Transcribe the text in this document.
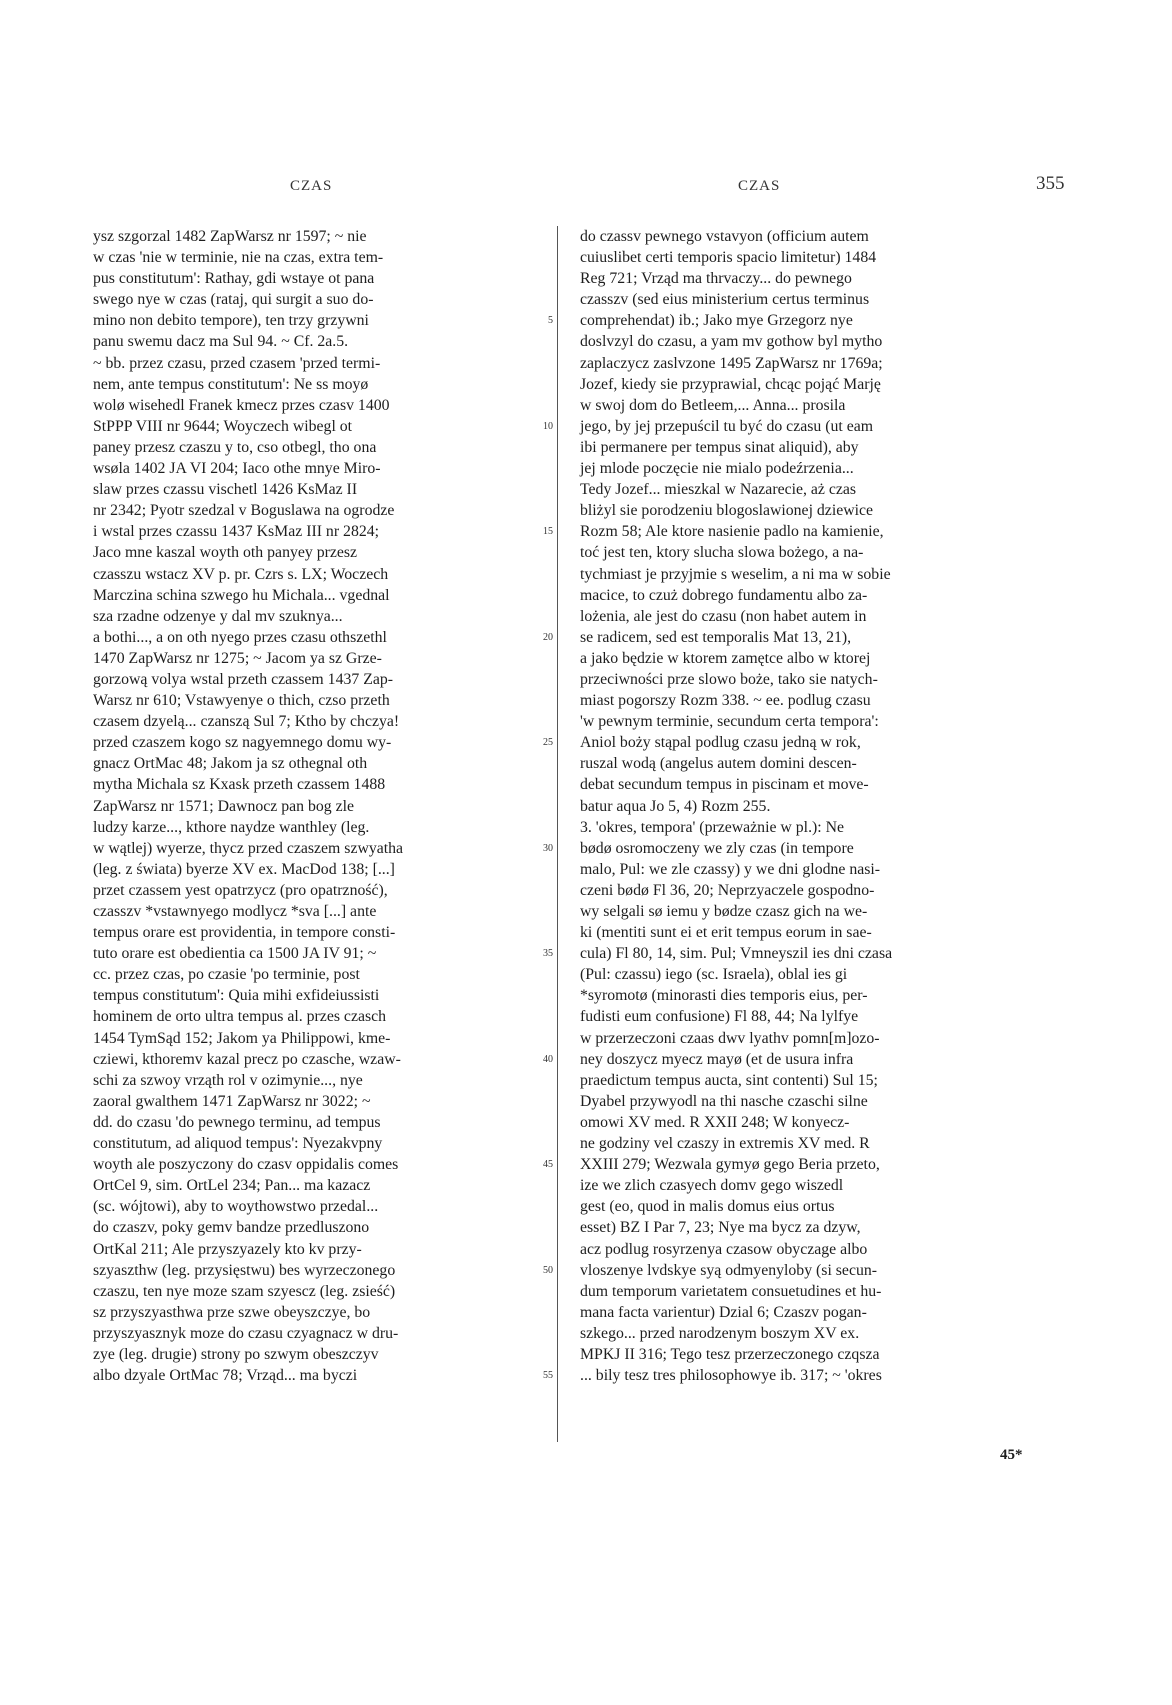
CZAS	CZAS	355

ysz szgorzal 1482 ZapWarsz nr 1597; ~ nie
w czas 'nie w terminie, nie na czas, extra tem-
pus constitutum': Rathay, gdi wstaye ot pana
swego nye w czas (rataj, qui surgit a suo do-
mino non debito tempore), ten trzy grzywni
panu swemu dacz ma Sul 94. ~ Cf. 2a.5.
~ bb. przez czasu, przed czasem 'przed termi-
nem, ante tempus constitutum': Ne ss moyø
wolø wisehedl Franek kmecz przes czasv 1400
StPPP VIII nr 9644; Woyczech wibegl ot
paney przesz czaszu y to, cso otbegl, tho ona
wsøla 1402 JA VI 204; Iaco othe mnye Miro-
slaw przes czassu vischetl 1426 KsMaz II
nr 2342; Pyotr szedzal v Boguslawa na ogrodze
i wstal przes czassu 1437 KsMaz III nr 2824;
Jaco mne kaszal woyth oth panyey przesz
czasszu wstacz XV p. pr. Czrs s. LX; Woczech
Marczina schina szwego hu Michala... vgednal
sza rzadne odzenye y dal mv szuknya...
a bothi..., a on oth nyego przes czasu othszethl
1470 ZapWarsz nr 1275; ~ Jacom ya sz Grze-
gorzową volya wstal przeth czassem 1437 Zap-
Warsz nr 610; Vstawyenye o thich, czso przeth
czasem dzyelą... czanszą Sul 7; Ktho by chczya!
przed czaszem kogo sz nagyemnego domu wy-
gnacz OrtMac 48; Jakom ja sz othegnal oth
mytha Michala sz Kxask przeth czassem 1488
ZapWarsz nr 1571; Dawnocz pan bog zle
ludzy karze..., kthore naydze wanthley (leg.
w wątlej) wyerze, thycz przed czaszem szwyatha
(leg. z świata) byerze XV ex. MacDod 138; [...]
przet czassem yest opatrzycz (pro opatrzność),
czasszv *vstawnyego modlycz *sva [...] ante
tempus orare est providentia, in tempore consti-
tuto orare est obedientia ca 1500 JA IV 91; ~
cc. przez czas, po czasie 'po terminie, post
tempus constitutum': Quia mihi exfideiussisti
hominem de orto ultra tempus al. przes czasch
1454 TymSąd 152; Jakom ya Philippowi, kme-
cziewi, kthoremv kazal precz po czasche, wzaw-
schi za szwoy vrząth rol v ozimynie..., nye
zaoral gwalthem 1471 ZapWarsz nr 3022; ~
dd. do czasu 'do pewnego terminu, ad tempus
constitutum, ad aliquod tempus': Nyezakvpny
woyth ale poszyczony do czasv oppidalis comes
OrtCel 9, sim. OrtLel 234; Pan... ma kazacz
(sc. wójtowi), aby to woythowstwo przedal...
do czaszv, poky gemv bandze przedluszono
OrtKal 211; Ale przyszyazely kto kv przy-
szyaszthw (leg. przysięstwu) bes wyrzeczonego
czaszu, ten nye moze szam szyescz (leg. zsieść)
sz przyszyasthwa prze szwe obeyszczye, bo
przyszyasznyk moze do czasu czyagnacz w dru-
zye (leg. drugie) strony po szwym obeszczyv
albo dzyale OrtMac 78; Vrząd... ma byczi

5
10
15
20
25
30
35
40
45
50
55

do czassv pewnego vstavyon (officium autem
cuiuslibet certi temporis spacio limitetur) 1484
Reg 721; Vrząd ma thrvaczy... do pewnego
czasszv (sed eius ministerium certus terminus
comprehendat) ib.; Jako mye Grzegorz nye
doslvzyl do czasu, a yam mv gothow byl mytho
zaplaczycz zaslvzone 1495 ZapWarsz nr 1769a;
Jozef, kiedy sie przyprawial, chcąc pojąć Marję
w swoj dom do Betleem,... Anna... prosila
jego, by jej przepuścil tu być do czasu (ut eam
ibi permanere per tempus sinat aliquid), aby
jej mlode poczęcie nie mialo podeźrzenia...
Tedy Jozef... mieszkal w Nazarecie, aż czas
bliżyl sie porodzeniu blogoslawionej dziewice
Rozm 58; Ale ktore nasienie padlo na kamienie,
toć jest ten, ktory slucha slowa bożego, a na-
tychmiast je przyjmie s weselim, a ni ma w sobie
macice, to czuż dobrego fundamentu albo za-
lożenia, ale jest do czasu (non habet autem in
se radicem, sed est temporalis Mat 13, 21),
a jako będzie w ktorem zamętce albo w ktorej
przeciwności prze slowo boże, tako sie natych-
miast pogorszy Rozm 338. ~ ee. podlug czasu
'w pewnym terminie, secundum certa tempora':
Aniol boży stąpal podlug czasu jedną w rok,
ruszal wodą (angelus autem domini descen-
debat secundum tempus in piscinam et move-
batur aqua Jo 5, 4) Rozm 255.
3. 'okres, tempora' (przeważnie w pl.): Ne
bødø osromoczeny we zly czas (in tempore
malo, Pul: we zle czassy) y we dni glodne nasi-
czeni bødø Fl 36, 20; Neprzyaczele gospodno-
wy selgali sø iemu y bødze czasz gich na we-
ki (mentiti sunt ei et erit tempus eorum in sae-
cula) Fl 80, 14, sim. Pul; Vmneyszil ies dni czasa
(Pul: czassu) iego (sc. Israela), oblal ies gi
*syromotø (minorasti dies temporis eius, per-
fudisti eum confusione) Fl 88, 44; Na lylfye
w przerzeczoni czaas dwv lyathv pomn[m]ozo-
ney doszycz myecz mayø (et de usura infra
praedictum tempus aucta, sint contenti) Sul 15;
Dyabel przywyodl na thi nasche czaschi silne
omowi XV med. R XXII 248; W konyecz-
ne godziny vel czaszy in extremis XV med. R
XXIII 279; Wezwala gymyø gego Beria przeto,
ize we zlich czasyech domv gego wiszedl
gest (eo, quod in malis domus eius ortus
esset) BZ I Par 7, 23; Nye ma bycz za dzyw,
acz podlug rosyrzenya czasow obyczage albo
vloszenye lvdskye syą odmyenyloby (si secun-
dum temporum varietatem consuetudines et hu-
mana facta varientur) Dzial 6; Czaszv pogan-
szkego... przed narodzenym boszym XV ex.
MPKJ II 316; Tego tesz przerzeczonego czqsza
... bily tesz tres philosophowye ib. 317; ~ 'okres

45*
